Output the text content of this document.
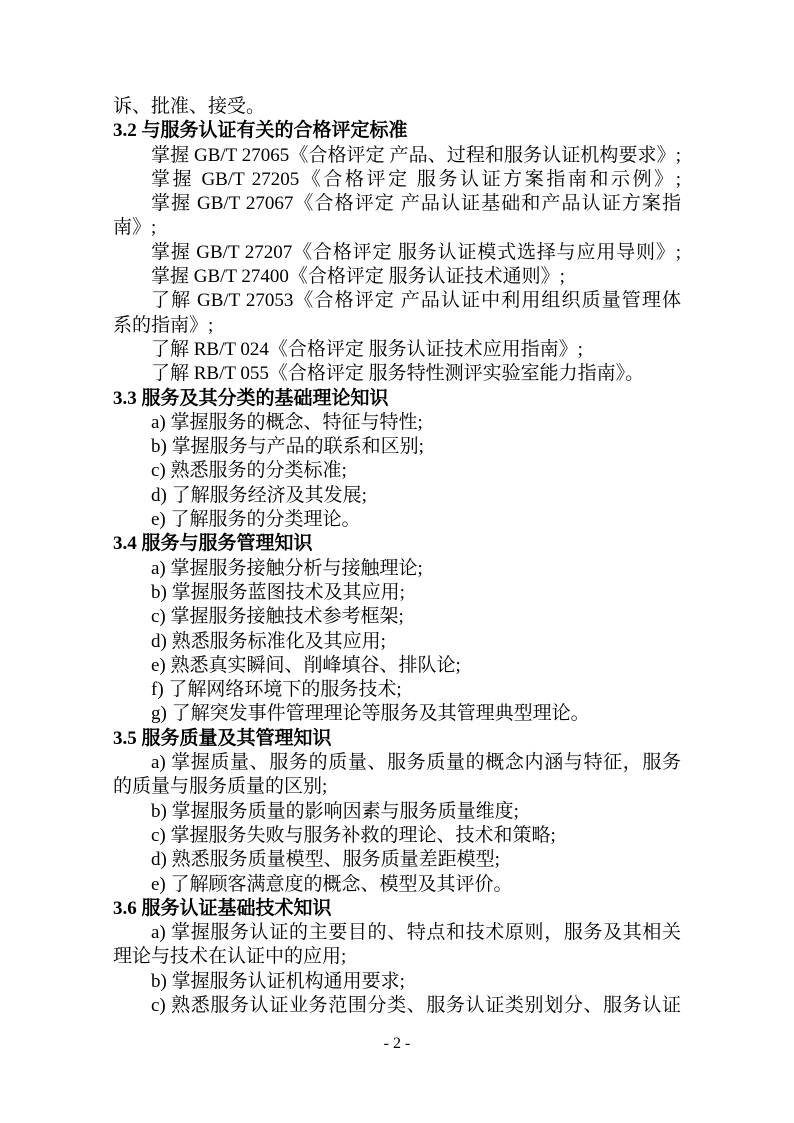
诉、批准、接受。
3.2 与服务认证有关的合格评定标准
掌握 GB/T 27065《合格评定 产品、过程和服务认证机构要求》;
掌握 GB/T 27205《合格评定 服务认证方案指南和示例》;
掌握 GB/T 27067《合格评定 产品认证基础和产品认证方案指
南》;
掌握 GB/T 27207《合格评定 服务认证模式选择与应用导则》;
掌握 GB/T 27400《合格评定 服务认证技术通则》;
了解 GB/T 27053《合格评定 产品认证中利用组织质量管理体
系的指南》;
了解 RB/T 024《合格评定 服务认证技术应用指南》;
了解 RB/T 055《合格评定 服务特性测评实验室能力指南》。
3.3 服务及其分类的基础理论知识
a) 掌握服务的概念、特征与特性;
b) 掌握服务与产品的联系和区别;
c) 熟悉服务的分类标准;
d) 了解服务经济及其发展;
e) 了解服务的分类理论。
3.4 服务与服务管理知识
a) 掌握服务接触分析与接触理论;
b) 掌握服务蓝图技术及其应用;
c) 掌握服务接触技术参考框架;
d) 熟悉服务标准化及其应用;
e) 熟悉真实瞬间、削峰填谷、排队论;
f) 了解网络环境下的服务技术;
g) 了解突发事件管理理论等服务及其管理典型理论。
3.5 服务质量及其管理知识
a) 掌握质量、服务的质量、服务质量的概念内涵与特征，服务
的质量与服务质量的区别;
b) 掌握服务质量的影响因素与服务质量维度;
c) 掌握服务失败与服务补救的理论、技术和策略;
d) 熟悉服务质量模型、服务质量差距模型;
e) 了解顾客满意度的概念、模型及其评价。
3.6 服务认证基础技术知识
a) 掌握服务认证的主要目的、特点和技术原则，服务及其相关
理论与技术在认证中的应用;
b) 掌握服务认证机构通用要求;
c) 熟悉服务认证业务范围分类、服务认证类别划分、服务认证
- 2 -
